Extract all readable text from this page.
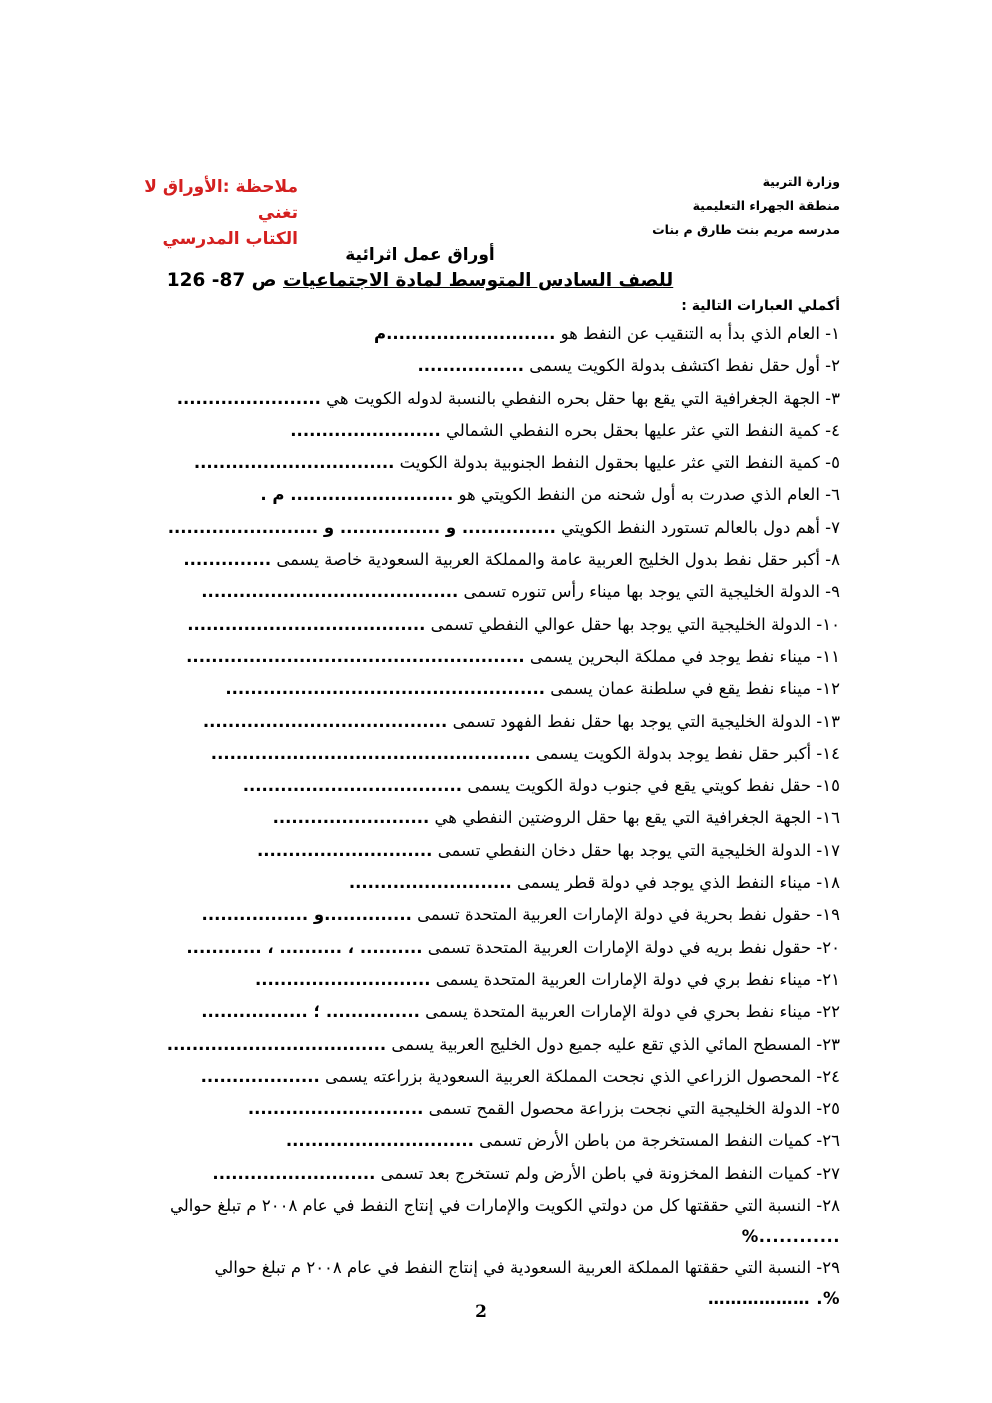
وزارة التربية
منطقة الجهراء التعليمية
مدرسه مريم بنت طارق م بنات
ملاحظة :الأوراق لا تغني
الكتاب المدرسي
أوراق عمل اثرائية
للصف السادس المتوسط لمادة الاجتماعيات ص 87- 126
أكملي العبارات التالية :
١- العام الذي بدأ به التنقيب عن النفط هو ...........................م
٢- أول حقل نفط اكتشف بدولة الكويت يسمى .................
٣- الجهة الجغرافية التي يقع بها حقل بحره النفطي بالنسبة لدوله الكويت هي .......................
٤- كمية النفط التي عثر عليها بحقل بحره النفطي الشمالي ........................
٥- كمية النفط التي عثر عليها بحقول النفط الجنوبية بدولة الكويت ................................
٦- العام الذي صدرت به أول شحنه من النفط الكويتي هو .......................... م .
٧- أهم دول بالعالم تستورد النفط الكويتي ............... و ................ و ........................
٨- أكبر حقل نفط بدول الخليج العربية عامة والمملكة العربية السعودية خاصة يسمى ..............
٩- الدولة الخليجية التي يوجد بها ميناء رأس تنوره تسمى .........................................
١٠- الدولة الخليجية التي يوجد بها حقل عوالي النفطي تسمى ......................................
١١- ميناء نفط يوجد في مملكة البحرين يسمى ......................................................
١٢- ميناء نفط يقع في سلطنة عمان يسمى ...................................................
١٣- الدولة الخليجية التي يوجد بها حقل نفط الفهود تسمى .......................................
١٤- أكبر حقل نفط يوجد بدولة الكويت يسمى ...................................................
١٥- حقل نفط كويتي يقع في جنوب دولة الكويت يسمى ...................................
١٦- الجهة الجغرافية التي يقع بها حقل الروضتين النفطي هي .........................
١٧- الدولة الخليجية التي يوجد بها حقل دخان النفطي تسمى ............................
١٨- ميناء النفط الذي يوجد في دولة قطر يسمى ..........................
١٩- حقول نفط بحرية في دولة الإمارات العربية المتحدة تسمى ..............و .................
٢٠- حقول نفط بريه في دولة الإمارات العربية المتحدة تسمى .......... ، .......... ، ............
٢١- ميناء نفط بري في دولة الإمارات العربية المتحدة يسمى ............................
٢٢- ميناء نفط بحري في دولة الإمارات العربية المتحدة يسمى ............... ؛ .................
٢٣- المسطح المائي الذي تقع عليه جميع دول الخليج العربية يسمى ...................................
٢٤- المحصول الزراعي الذي نجحت المملكة العربية السعودية بزراعته يسمى ...................
٢٥- الدولة الخليجية التي نجحت بزراعة محصول القمح تسمى ............................
٢٦- كميات النفط المستخرجة من باطن الأرض تسمى ..............................
٢٧- كميات النفط المخزونة في باطن الأرض ولم تستخرج بعد تسمى ..........................
٢٨- النسبة التي حققتها كل من دولتي الكويت والإمارات في إنتاج النفط في عام ٢٠٠٨ م تبلغ حوالي
............%
٢٩- النسبة التي حققتها المملكة العربية السعودية في إنتاج النفط في عام ٢٠٠٨ م تبلغ حوالي
%. ………………
2
